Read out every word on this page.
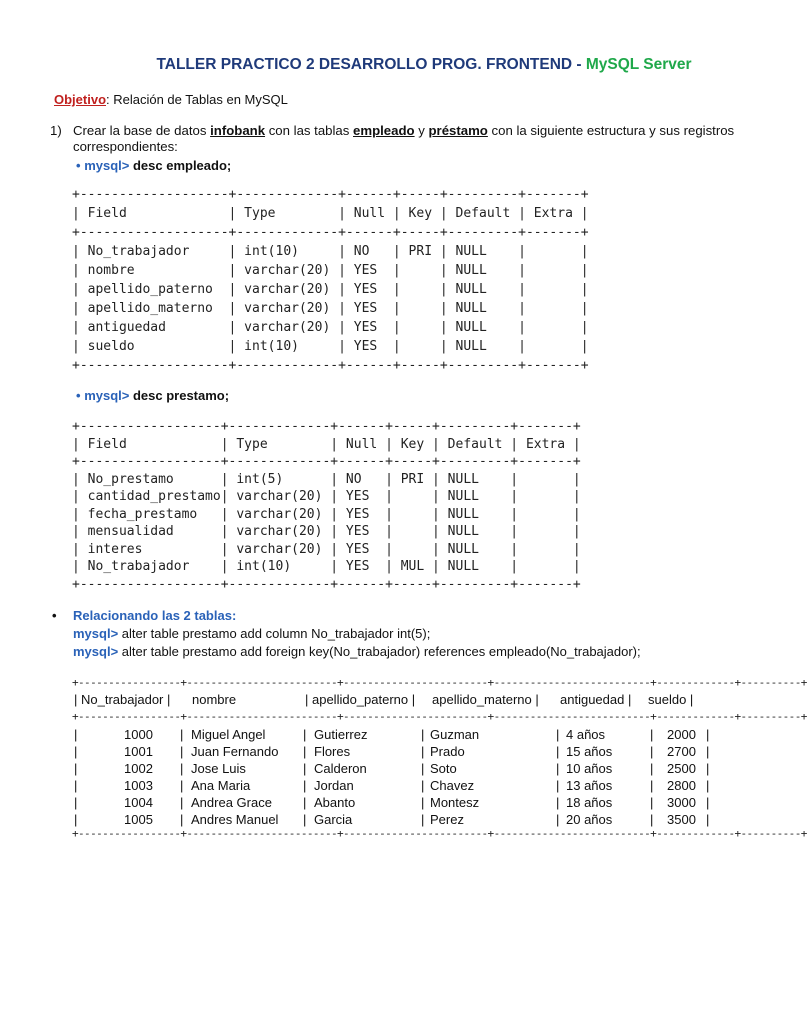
TALLER PRACTICO 2 DESARROLLO PROG. FRONTEND - MySQL Server
Objetivo: Relación de Tablas en MySQL
1) Crear la base de datos infobank con las tablas empleado y préstamo con la siguiente estructura y sus registros correspondientes:
• mysql> desc empleado;
+-------------------+-------------+------+-----+---------+-------+
| Field             | Type        | Null | Key | Default | Extra |
+-------------------+-------------+------+-----+---------+-------+
| No_trabajador     | int(10)     | NO   | PRI | NULL    |       |
| nombre            | varchar(20) | YES  |     | NULL    |       |
| apellido_paterno  | varchar(20) | YES  |     | NULL    |       |
| apellido_materno  | varchar(20) | YES  |     | NULL    |       |
| antiguedad        | varchar(20) | YES  |     | NULL    |       |
| sueldo            | int(10)     | YES  |     | NULL    |       |
+-------------------+-------------+------+-----+---------+-------+
• mysql> desc prestamo;
+------------------+-------------+------+-----+---------+-------+
| Field            | Type        | Null | Key | Default | Extra |
+------------------+-------------+------+-----+---------+-------+
| No_prestamo      | int(5)      | NO   | PRI | NULL    |       |
| cantidad_prestamo| varchar(20) | YES  |     | NULL    |       |
| fecha_prestamo   | varchar(20) | YES  |     | NULL    |       |
| mensualidad      | varchar(20) | YES  |     | NULL    |       |
| interes          | varchar(20) | YES  |     | NULL    |       |
| No_trabajador    | int(10)     | YES  | MUL | NULL    |       |
+------------------+-------------+------+-----+---------+-------+
• Relacionando las 2 tablas:
mysql> alter table prestamo add column No_trabajador int(5);
mysql> alter table prestamo add foreign key(No_trabajador) references empleado(No_trabajador);
+-----------------+-------------------------+------------------------+--------------------------+-------------+----------+
+-----------------+-------------------------+------------------------+--------------------------+-------------+----------+
+-----------------+-------------------------+------------------------+--------------------------+-------------+----------+
| No_trabajador | nombre	| apellido_paterno | apellido_materno | antiguedad | sueldo |
|	|	|	|	|	|
1000	Miguel Angel	Gutierrez	Guzman	4 años	2000
|
|	|	|	|	|	|
1001	Juan Fernando	Flores	Prado	15 años	2700
|
|	|	|	|	|	|
1002	Jose Luis	Calderon	Soto	10 años	2500
|
|	|	|	|	|	|
1003	Ana Maria	Jordan	Chavez	13 años	2800
|
|	|	|	|	|	|
1004	Andrea Grace	Abanto	Montesz	18 años	3000
|
|	|	|	|	|	|
1005	Andres Manuel	Garcia	Perez	20 años	3500
|
